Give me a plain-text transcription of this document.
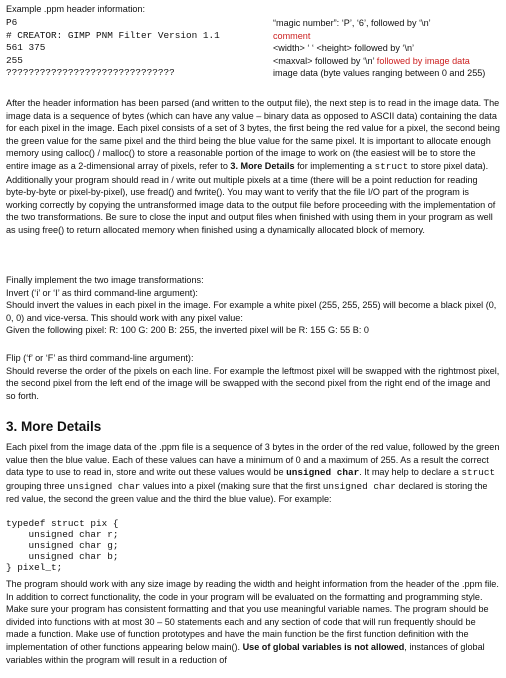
Example .ppm header information:
P6
# CREATOR: GIMP PNM Filter Version 1.1
561 375
255
??????????????????????????????
“magic number”: ‘P’, ‘6’, followed by ‘\n’
comment
<width> ‘ ‘ <height> followed by ‘\n’
<maxval> followed by ‘\n’ followed by image data
image data (byte values ranging between 0 and 255)

After the header information has been parsed (and written to the output file), the next step is to read in the image data. The image data is a sequence of bytes (which can have any value – binary data as opposed to ASCII data) containing the data for each pixel in the image. Each pixel consists of a set of 3 bytes, the first being the red value for a pixel, the second being the green value for the same pixel and the third being the blue value for the same pixel. It is important to allocate enough memory using calloc() / malloc() to store a reasonable portion of the image to work on (the easiest will be to store the entire image as a 2-dimensional array of pixels, refer to 3. More Details for implementing a struct to store pixel data). Additionally your program should read in / write out multiple pixels at a time (there will be a point reduction for reading byte-by-byte or pixel-by-pixel), use fread() and fwrite(). You may want to verify that the file I/O part of the program is working correctly by copying the untransformed image data to the output file before proceeding with the implementation of the two transformations. Be sure to close the input and output files when finished with using them in your program as well as using free() to return allocated memory when finished using a dynamically allocated block of memory.

Finally implement the two image transformations:
Invert (‘i’ or ‘I’ as third command-line argument):
Should invert the values in each pixel in the image. For example a white pixel (255, 255, 255) will become a black pixel (0, 0, 0) and vice-versa. This should work with any pixel value:
Given the following pixel: R: 100 G: 200 B: 255, the inverted pixel will be R: 155 G: 55 B: 0
Flip (‘f’ or ‘F’ as third command-line argument):
Should reverse the order of the pixels on each line. For example the leftmost pixel will be swapped with the rightmost pixel, the second pixel from the left end of the image will be swapped with the second pixel from the right end of the image and so forth.
3. More Details

Each pixel from the image data of the .ppm file is a sequence of 3 bytes in the order of the red value, followed by the green value then the blue value. Each of these values can have a minimum of 0 and a maximum of 255. As a result the correct data type to use to read in, store and write out these values would be unsigned char. It may help to declare a struct grouping three unsigned char values into a pixel (making sure that the first unsigned char declared is storing the red value, the second the green value and the third the blue value). For example:

typedef struct pix {
unsigned char r;
unsigned char g;
unsigned char b;
} pixel_t;

The program should work with any size image by reading the width and height information from the header of the .ppm file. In addition to correct functionality, the code in your program will be evaluated on the formatting and programming style. Make sure your program has consistent formatting and that you use meaningful variable names. The program should be divided into functions with at most 30 – 50 statements each and any section of code that will run frequently should be made a function. Make use of function prototypes and have the main function be the first function definition with the implementation of other functions appearing below main(). Use of global variables is not allowed, instances of global variables within the program will result in a reduction of
